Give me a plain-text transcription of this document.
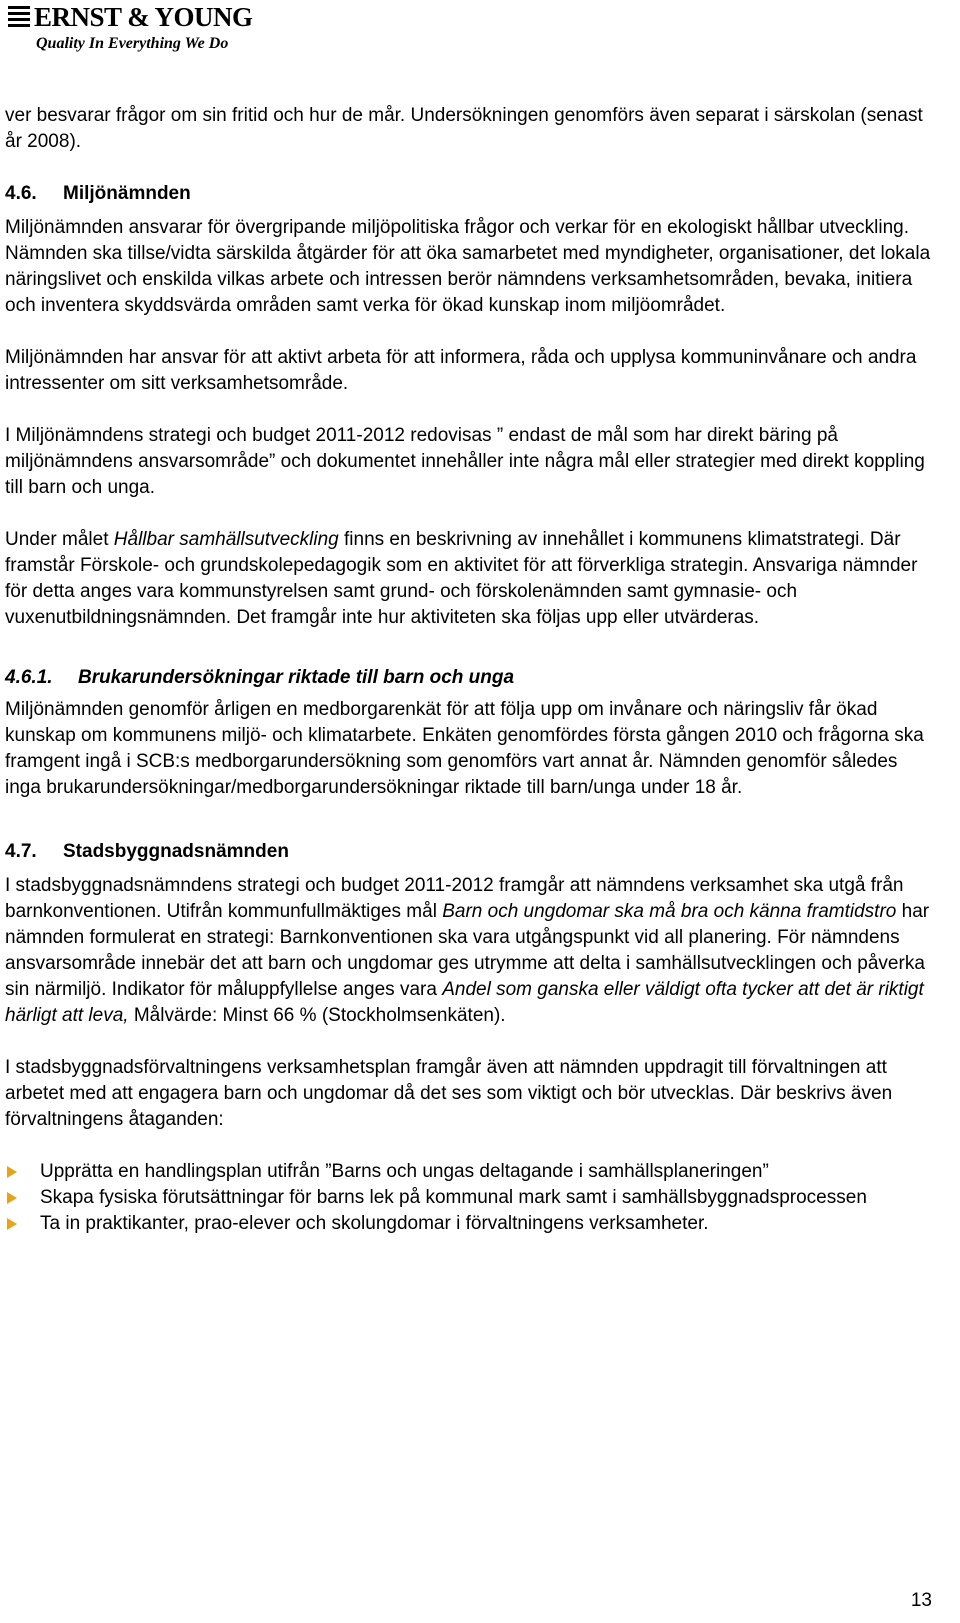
ERNST & YOUNG
Quality In Everything We Do

ver besvarar frågor om sin fritid och hur de mår. Undersökningen genomförs även separat i särskolan (senast år 2008).

4.6. Miljönämnden

Miljönämnden ansvarar för övergripande miljöpolitiska frågor och verkar för en ekologiskt hållbar utveckling. Nämnden ska tillse/vidta särskilda åtgärder för att öka samarbetet med myndigheter, organisationer, det lokala näringslivet och enskilda vilkas arbete och intressen berör nämndens verksamhetsområden, bevaka, initiera och inventera skyddsvärda områden samt verka för ökad kunskap inom miljöområdet.

Miljönämnden har ansvar för att aktivt arbeta för att informera, råda och upplysa kommuninvånare och andra intressenter om sitt verksamhetsområde.

I Miljönämndens strategi och budget 2011-2012 redovisas ” endast de mål som har direkt bäring på miljönämndens ansvarsområde” och dokumentet innehåller inte några mål eller strategier med direkt koppling till barn och unga.

Under målet Hållbar samhällsutveckling finns en beskrivning av innehållet i kommunens klimatstrategi. Där framstår Förskole- och grundskolepedagogik som en aktivitet för att förverkliga strategin. Ansvariga nämnder för detta anges vara kommunstyrelsen samt grund- och förskolenämnden samt gymnasie- och vuxenutbildningsnämnden. Det framgår inte hur aktiviteten ska följas upp eller utvärderas.

4.6.1. Brukarundersökningar riktade till barn och unga

Miljönämnden genomför årligen en medborgarenkät för att följa upp om invånare och näringsliv får ökad kunskap om kommunens miljö- och klimatarbete. Enkäten genomfördes första gången 2010 och frågorna ska framgent ingå i SCB:s medborgarundersökning som genomförs vart annat år. Nämnden genomför således inga brukarundersökningar/medborgarundersökningar riktade till barn/unga under 18 år.

4.7. Stadsbyggnadsnämnden

I stadsbyggnadsnämndens strategi och budget 2011-2012 framgår att nämndens verksamhet ska utgå från barnkonventionen. Utifrån kommunfullmäktiges mål Barn och ungdomar ska må bra och känna framtidstro har nämnden formulerat en strategi: Barnkonventionen ska vara utgångspunkt vid all planering. För nämndens ansvarsområde innebär det att barn och ungdomar ges utrymme att delta i samhällsutvecklingen och påverka sin närmiljö. Indikator för måluppfyllelse anges vara Andel som ganska eller väldigt ofta tycker att det är riktigt härligt att leva, Målvärde: Minst 66 % (Stockholmsenkäten).

I stadsbyggnadsförvaltningens verksamhetsplan framgår även att nämnden uppdragit till förvaltningen att arbetet med att engagera barn och ungdomar då det ses som viktigt och bör utvecklas. Där beskrivs även förvaltningens åtaganden:

Upprätta en handlingsplan utifrån ”Barns och ungas deltagande i samhällsplaneringen”
Skapa fysiska förutsättningar för barns lek på kommunal mark samt i samhällsbyggnadsprocessen
Ta in praktikanter, prao-elever och skolungdomar i förvaltningens verksamheter.
13
